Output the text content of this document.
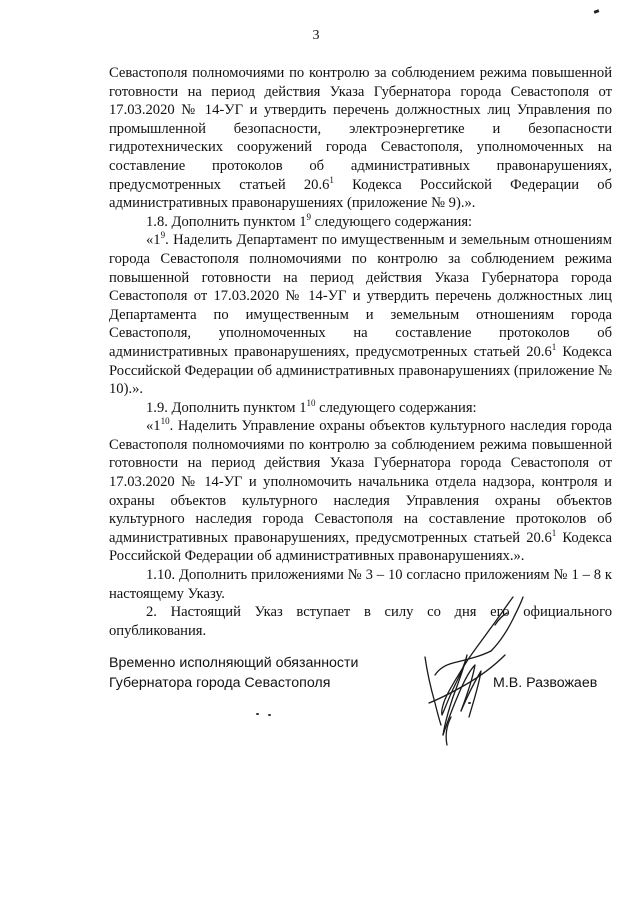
3

Севастополя полномочиями по контролю за соблюдением режима повышенной готовности на период действия Указа Губернатора города Севастополя от 17.03.2020 № 14-УГ и утвердить перечень должностных лиц Управления по промышленной безопасности, электроэнергетике и безопасности гидротехнических сооружений города Севастополя, уполномоченных на составление протоколов об административных правонарушениях, предусмотренных статьей 20.6$^1$ Кодекса Российской Федерации об административных правонарушениях (приложение № 9).».

1.8. Дополнить пунктом $1^9$ следующего содержания:

«$1^9$. Наделить Департамент по имущественным и земельным отношениям города Севастополя полномочиями по контролю за соблюдением режима повышенной готовности на период действия Указа Губернатора города Севастополя от 17.03.2020 № 14-УГ и утвердить перечень должностных лиц Департамента по имущественным и земельным отношениям города Севастополя, уполномоченных на составление протоколов об административных правонарушениях, предусмотренных статьей 20.6$^1$ Кодекса Российской Федерации об административных правонарушениях (приложение № 10).».

1.9. Дополнить пунктом $1^{10}$ следующего содержания:

«$1^{10}$. Наделить Управление охраны объектов культурного наследия города Севастополя полномочиями по контролю за соблюдением режима повышенной готовности на период действия Указа Губернатора города Севастополя от 17.03.2020 № 14-УГ и уполномочить начальника отдела надзора, контроля и охраны объектов культурного наследия Управления охраны объектов культурного наследия города Севастополя на составление протоколов об административных правонарушениях, предусмотренных статьей 20.6$^1$ Кодекса Российской Федерации об административных правонарушениях.».

1.10. Дополнить приложениями № 3 – 10 согласно приложениям № 1 – 8 к настоящему Указу.

2. Настоящий Указ вступает в силу со дня его официального опубликования.

Временно исполняющий обязанности
Губернатора города Севастополя	М.В. Развожаев
